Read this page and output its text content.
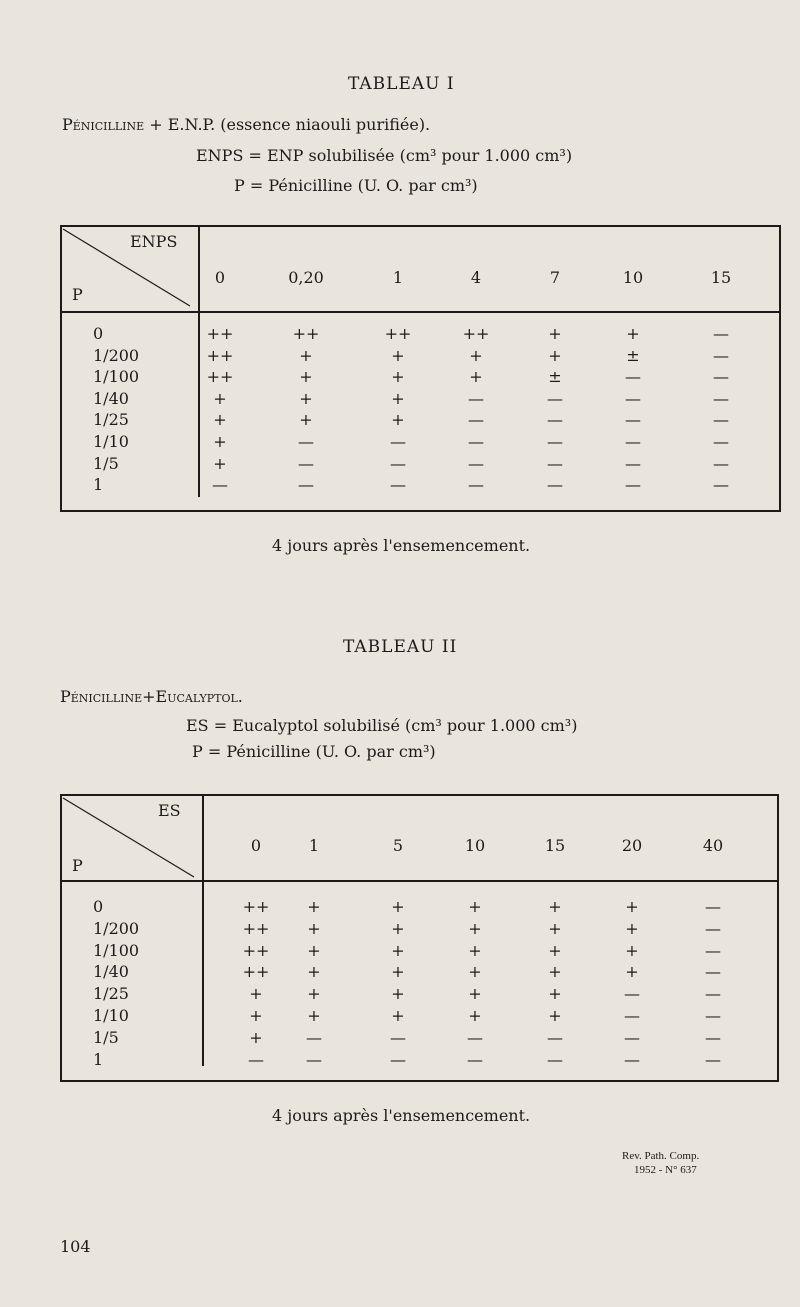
TABLEAU I
Pénicilline + E.N.P. (essence niaouli purifiée).
ENPS = ENP solubilisée (cm³ pour 1.000 cm³)
P = Pénicilline (U. O. par cm³)
ENPS
P
0	0,20	1	4	7	10	15
0	++	++	++	++	+	+	—
1/200	++	+	+	+	+	±	—
1/100	++	+	+	+	±	—	—
1/40	+	+	+	—	—	—	—
1/25	+	+	+	—	—	—	—
1/10	+	—	—	—	—	—	—
1/5	+	—	—	—	—	—	—
1	—	—	—	—	—	—	—
4 jours après l'ensemencement.
TABLEAU II
Pénicilline+Eucalyptol.
ES = Eucalyptol solubilisé (cm³ pour 1.000 cm³)
P = Pénicilline (U. O. par cm³)
ES
P
0	1	5	10	15	20	40
0	++	+	+	+	+	+	—
1/200	++	+	+	+	+	+	—
1/100	++	+	+	+	+	+	—
1/40	++	+	+	+	+	+	—
1/25	+	+	+	+	+	—	—
1/10	+	+	+	+	+	—	—
1/5	+	—	—	—	—	—	—
1	—	—	—	—	—	—	—
4 jours après l'ensemencement.
Rev. Path. Comp.
1952 - N° 637
104
